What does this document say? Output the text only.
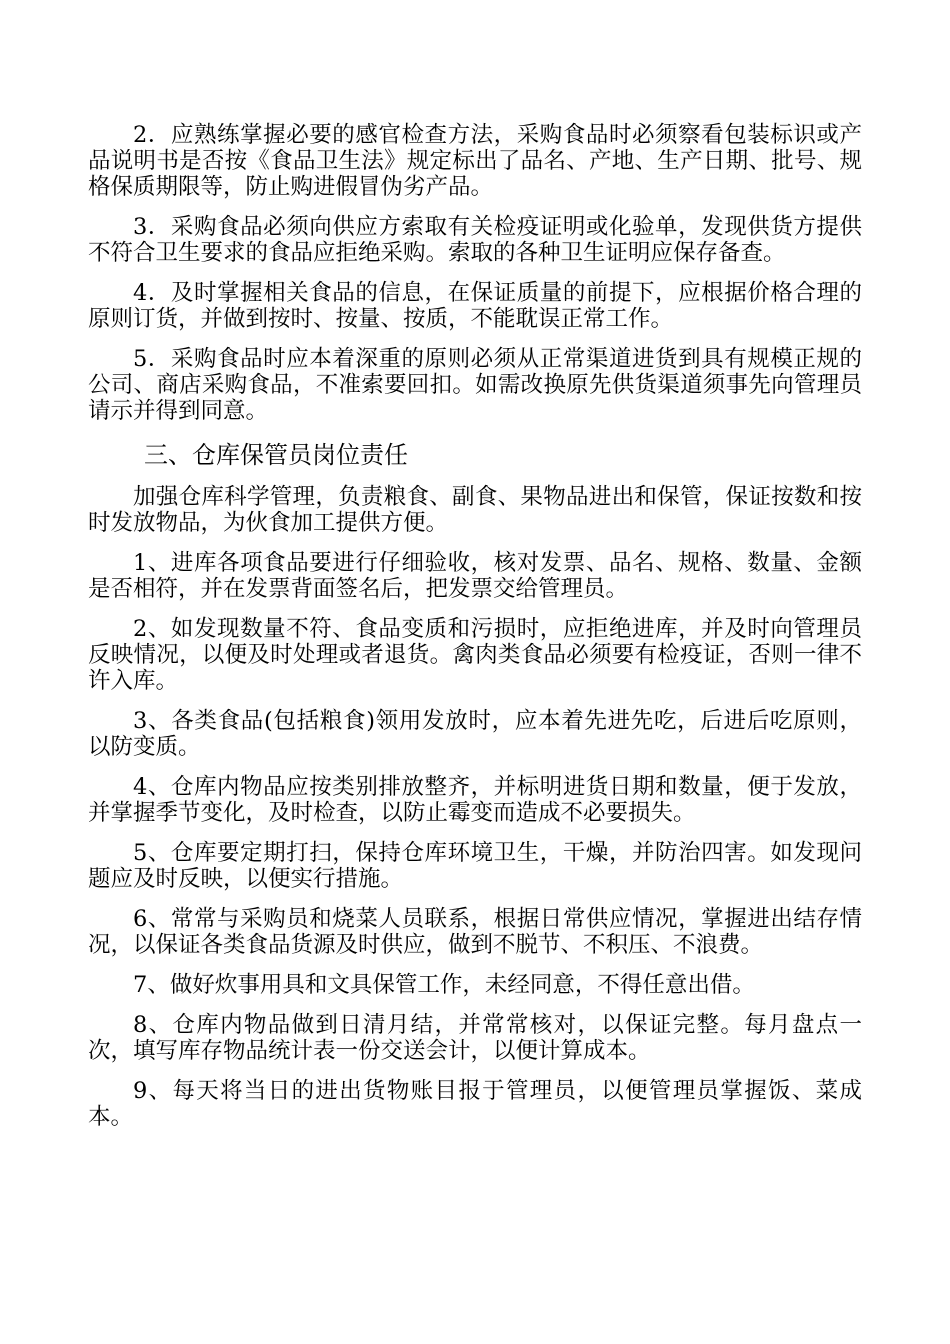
2．应熟练掌握必要的感官检查方法，采购食品时必须察看包装标识或产品说明书是否按《食品卫生法》规定标出了品名、产地、生产日期、批号、规格保质期限等，防止购进假冒伪劣产品。

3．采购食品必须向供应方索取有关检疫证明或化验单，发现供货方提供不符合卫生要求的食品应拒绝采购。索取的各种卫生证明应保存备查。

4．及时掌握相关食品的信息，在保证质量的前提下，应根据价格合理的原则订货，并做到按时、按量、按质，不能耽误正常工作。

5．采购食品时应本着深重的原则必须从正常渠道进货到具有规模正规的公司、商店采购食品，不准索要回扣。如需改换原先供货渠道须事先向管理员请示并得到同意。

三、仓库保管员岗位责任

加强仓库科学管理，负责粮食、副食、果物品进出和保管，保证按数和按时发放物品，为伙食加工提供方便。

1、进库各项食品要进行仔细验收，核对发票、品名、规格、数量、金额是否相符，并在发票背面签名后，把发票交给管理员。

2、如发现数量不符、食品变质和污损时，应拒绝进库，并及时向管理员反映情况，以便及时处理或者退货。禽肉类食品必须要有检疫证，否则一律不许入库。

3、各类食品(包括粮食)领用发放时，应本着先进先吃，后进后吃原则，以防变质。

4、仓库内物品应按类别排放整齐，并标明进货日期和数量，便于发放，并掌握季节变化，及时检查，以防止霉变而造成不必要损失。

5、仓库要定期打扫，保持仓库环境卫生，干燥，并防治四害。如发现问题应及时反映，以便实行措施。

6、常常与采购员和烧菜人员联系，根据日常供应情况，掌握进出结存情况，以保证各类食品货源及时供应，做到不脱节、不积压、不浪费。

7、做好炊事用具和文具保管工作，未经同意，不得任意出借。

8、仓库内物品做到日清月结，并常常核对，以保证完整。每月盘点一次，填写库存物品统计表一份交送会计，以便计算成本。

9、每天将当日的进出货物账目报于管理员，以便管理员掌握饭、菜成本。
